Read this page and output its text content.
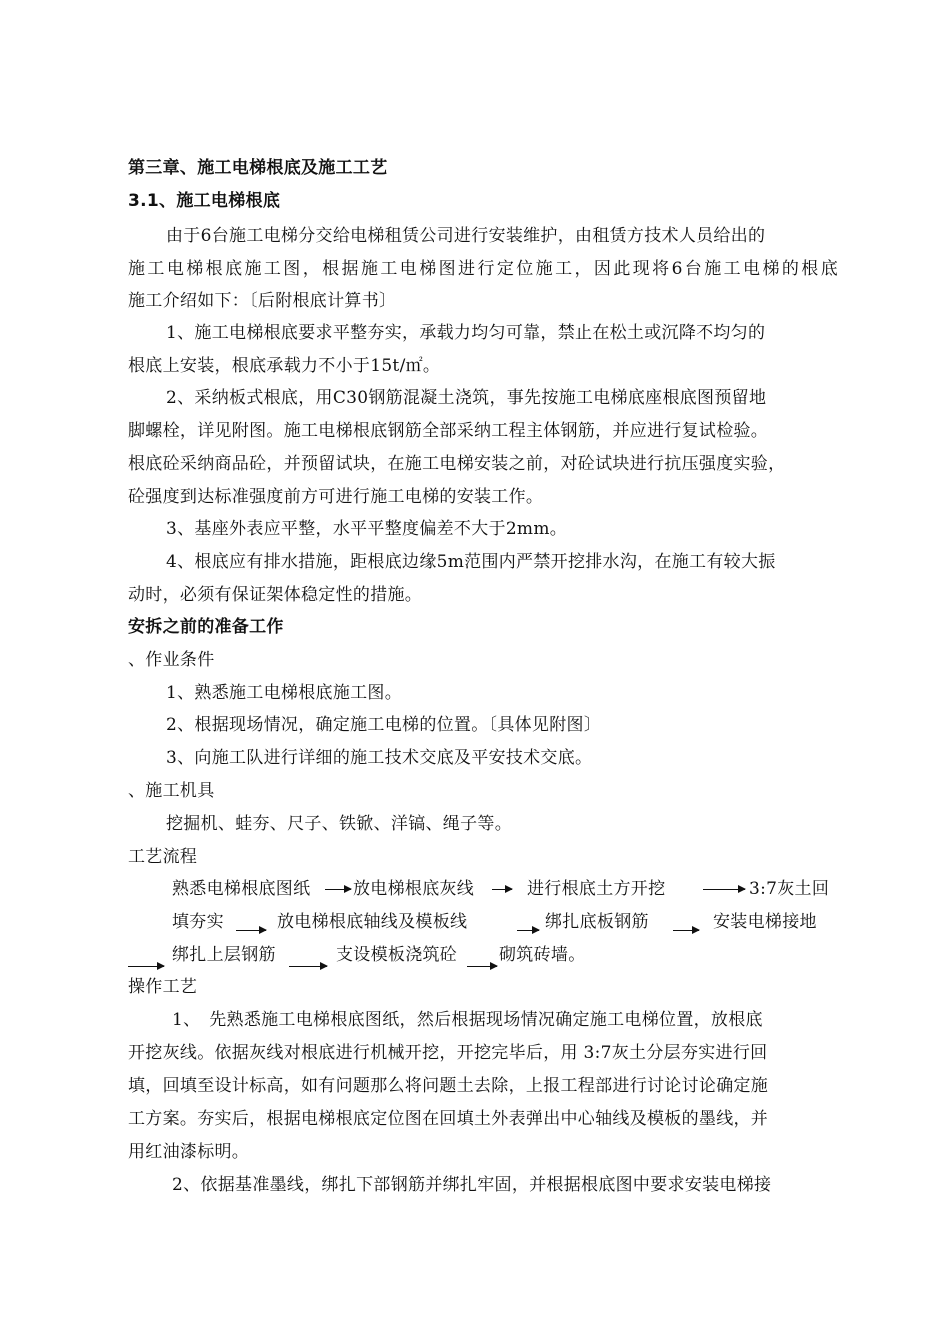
第三章、施工电梯根底及施工工艺
3.1、施工电梯根底
由于6台施工电梯分交给电梯租赁公司进行安装维护，由租赁方技术人员给出的
施工电梯根底施工图，根据施工电梯图进行定位施工，因此现将6台施工电梯的根底
施工介绍如下：〔后附根底计算书〕
1、施工电梯根底要求平整夯实，承载力均匀可靠，禁止在松土或沉降不均匀的
根底上安装，根底承载力不小于15t/㎡。
2、采纳板式根底，用C30钢筋混凝土浇筑，事先按施工电梯底座根底图预留地
脚螺栓，详见附图。施工电梯根底钢筋全部采纳工程主体钢筋，并应进行复试检验。
根底砼采纳商品砼，并预留试块，在施工电梯安装之前，对砼试块进行抗压强度实验，
砼强度到达标准强度前方可进行施工电梯的安装工作。
3、基座外表应平整，水平平整度偏差不大于2mm。
4、根底应有排水措施，距根底边缘5m范围内严禁开挖排水沟，在施工有较大振
动时，必须有保证架体稳定性的措施。
安拆之前的准备工作
、作业条件
1、熟悉施工电梯根底施工图。
2、根据现场情况，确定施工电梯的位置。〔具体见附图〕
3、向施工队进行详细的施工技术交底及平安技术交底。
、施工机具
挖掘机、蛙夯、尺子、铁锨、洋镐、绳子等。
工艺流程
熟悉电梯根底图纸	放电梯根底灰线	进行根底土方开挖	3:7灰土回
填夯实	放电梯根底轴线及模板线	绑扎底板钢筋	安装电梯接地
绑扎上层钢筋	支设模板浇筑砼 砌筑砖墙。
操作工艺
1、　先熟悉施工电梯根底图纸，然后根据现场情况确定施工电梯位置，放根底
开挖灰线。依据灰线对根底进行机械开挖，开挖完毕后，用 3:7灰土分层夯实进行回
填，回填至设计标高，如有问题那么将问题土去除，上报工程部进行讨论讨论确定施
工方案。夯实后，根据电梯根底定位图在回填土外表弹出中心轴线及模板的墨线，并
用红油漆标明。
2、依据基准墨线，绑扎下部钢筋并绑扎牢固，并根据根底图中要求安装电梯接
